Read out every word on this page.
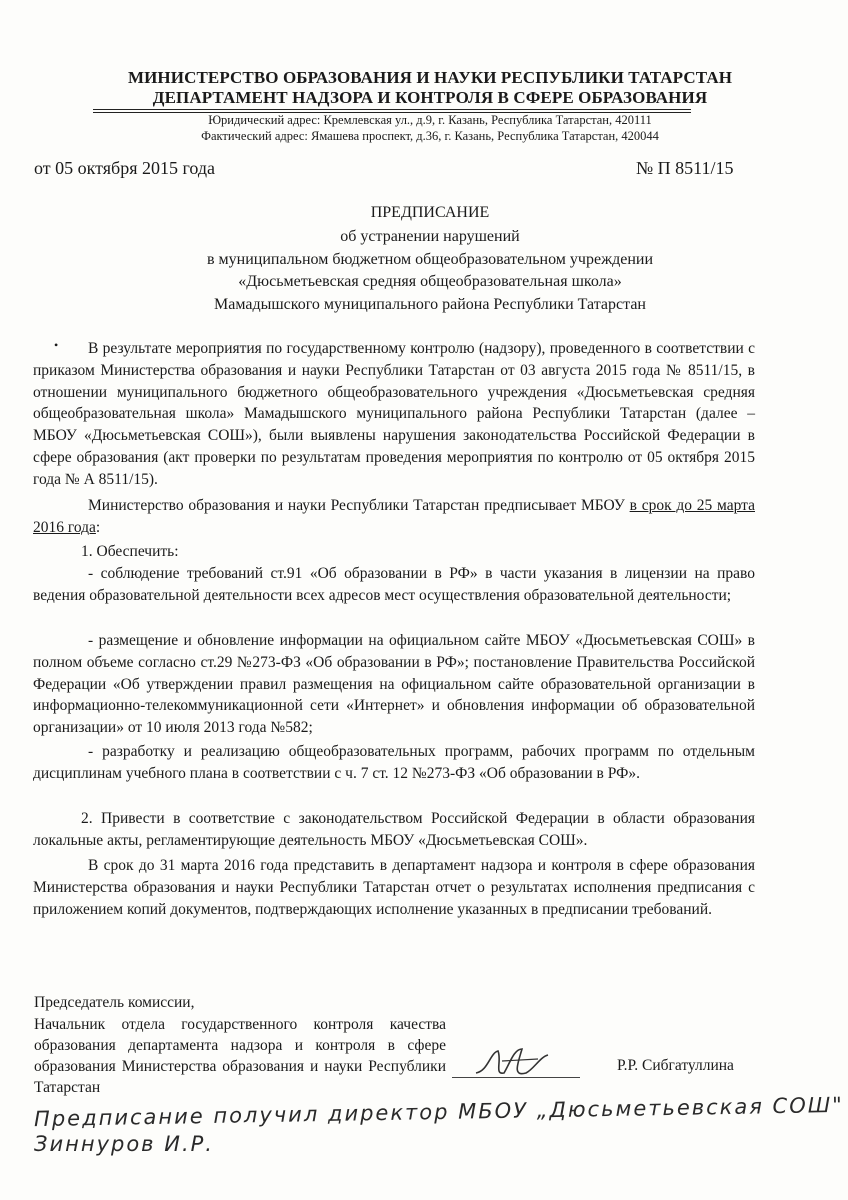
МИНИСТЕРСТВО ОБРАЗОВАНИЯ И НАУКИ РЕСПУБЛИКИ ТАТАРСТАН
ДЕПАРТАМЕНТ НАДЗОРА И КОНТРОЛЯ В СФЕРЕ ОБРАЗОВАНИЯ
Юридический адрес: Кремлевская ул., д.9, г. Казань, Республика Татарстан, 420111
Фактический адрес: Ямашева проспект, д.36, г. Казань, Республика Татарстан, 420044
от 05 октября 2015 года	№ П 8511/15
ПРЕДПИСАНИЕ
об устранении нарушений
в муниципальном бюджетном общеобразовательном учреждении
«Дюсьметьевская средняя общеобразовательная школа»
Мамадышского муниципального района Республики Татарстан
•	В результате мероприятия по государственному контролю (надзору), проведенного в соответствии с приказом Министерства образования и науки Республики Татарстан от 03 августа 2015 года № 8511/15, в отношении муниципального бюджетного общеобразовательного учреждения «Дюсьметьевская средняя общеобразовательная школа» Мамадышского муниципального района Республики Татарстан (далее – МБОУ «Дюсьметьевская СОШ»), были выявлены нарушения законодательства Российской Федерации в сфере образования (акт проверки по результатам проведения мероприятия по контролю от 05 октября 2015 года № А 8511/15).

Министерство образования и науки Республики Татарстан предписывает МБОУ в срок до 25 марта 2016 года:

1. Обеспечить:

- соблюдение требований ст.91 «Об образовании в РФ» в части указания в лицензии на право ведения образовательной деятельности всех адресов мест осуществления образовательной деятельности;

- размещение и обновление информации на официальном сайте МБОУ «Дюсьметьевская СОШ» в полном объеме согласно ст.29 №273-ФЗ «Об образовании в РФ»; постановление Правительства Российской Федерации «Об утверждении правил размещения на официальном сайте образовательной организации в информационно-телекоммуникационной сети «Интернет» и обновления информации об образовательной организации» от 10 июля 2013 года №582;

- разработку и реализацию общеобразовательных программ, рабочих программ по отдельным дисциплинам учебного плана в соответствии с ч. 7 ст. 12 №273-ФЗ «Об образовании в РФ».

2. Привести в соответствие с законодательством Российской Федерации в области образования локальные акты, регламентирующие деятельность МБОУ «Дюсьметьевская СОШ».

В срок до 31 марта 2016 года представить в департамент надзора и контроля в сфере образования Министерства образования и науки Республики Татарстан отчет о результатах исполнения предписания с приложением копий документов, подтверждающих исполнение указанных в предписании требований.

Председатель комиссии,
Начальник отдела государственного контроля качества образования департамента надзора и контроля в сфере образования Министерства образования и науки Республики Татарстан
Р.Р. Сибгатуллина
Предписание получил директор МБОУ „Дюсьметьевская СОШ"
Зиннуров И.Р.
